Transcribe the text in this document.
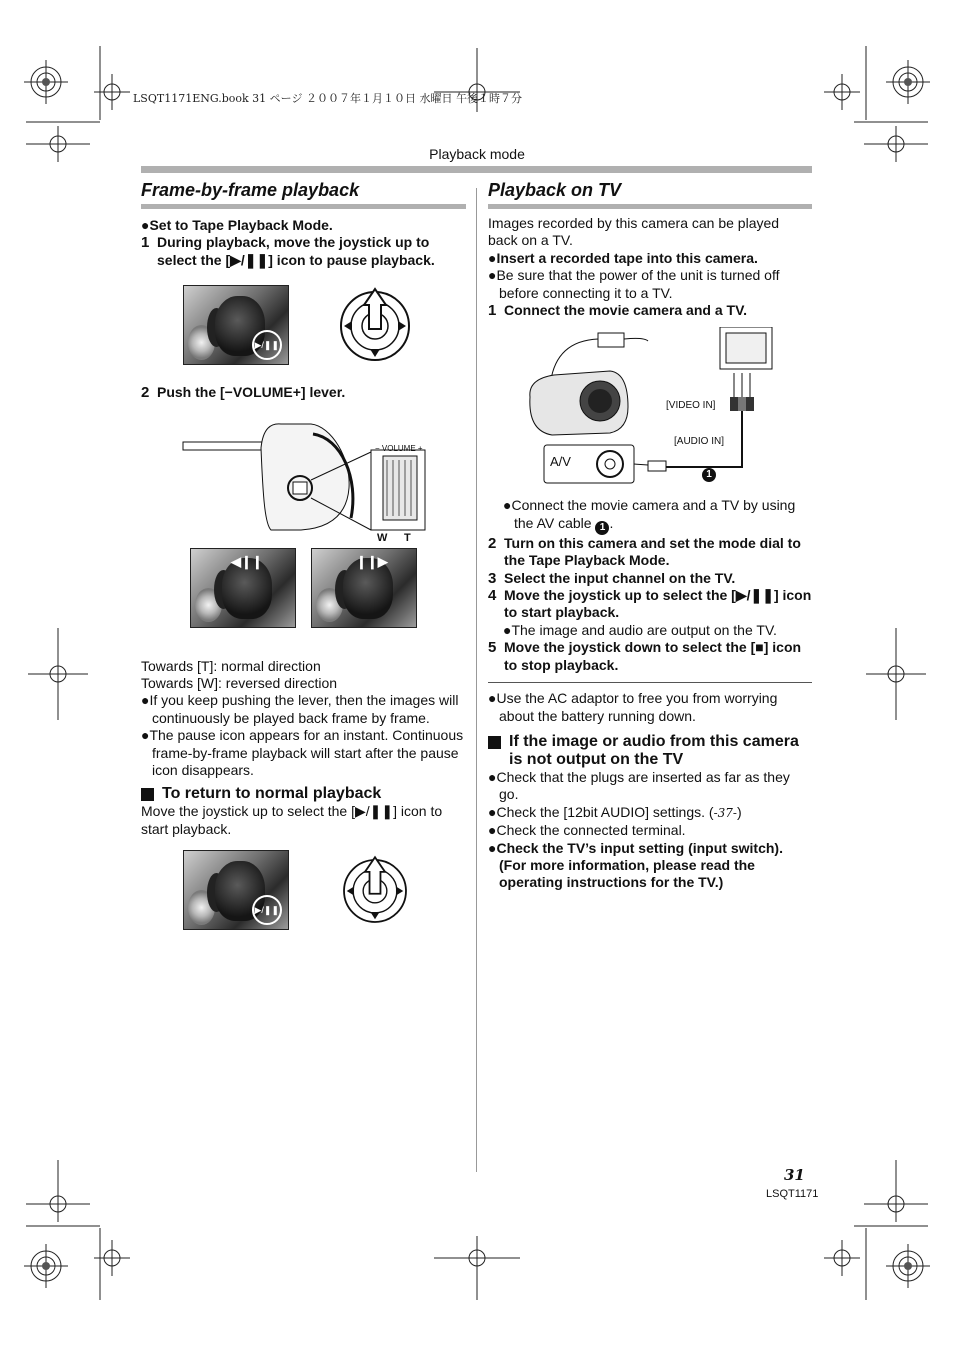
LSQT1171ENG.book 31 ページ ２００７年１月１０日 水曜日 午後１時７分
Playback mode
Frame-by-frame playback

●Set to Tape Playback Mode.

1 During playback, move the joystick up to select the [▶/❚❚] icon to pause playback.
▶/❚❚
2 Push the [−VOLUME+] lever.
− VOLUME +
W T
◀❙❙	❙❙▶

Towards [T]: normal direction

Towards [W]: reversed direction

●If you keep pushing the lever, then the images will continuously be played back frame by frame.

●The pause icon appears for an instant. Continuous frame-by-frame playback will start after the pause icon disappears.

To return to normal playback

Move the joystick up to select the [▶/❚❚] icon to start playback.

▶/❚❚
Playback on TV

Images recorded by this camera can be played back on a TV.

●Insert a recorded tape into this camera.

●Be sure that the power of the unit is turned off before connecting it to a TV.

1 Connect the movie camera and a TV.
[VIDEO IN]
[AUDIO IN]
A/V
1

●Connect the movie camera and a TV by using the AV cable 1 .

2 Turn on this camera and set the mode dial to the Tape Playback Mode.
3 Select the input channel on the TV.
4 Move the joystick up to select the [▶/❚❚] icon to start playback.

●The image and audio are output on the TV.

5 Move the joystick down to select the [■] icon to stop playback.

●Use the AC adaptor to free you from worrying about the battery running down.

If the image or audio from this camera is not output on the TV

●Check that the plugs are inserted as far as they go.

●Check the [12bit AUDIO] settings. (-37-)

●Check the connected terminal.

●Check the TV’s input setting (input switch). (For more information, please read the operating instructions for the TV.)

31
LSQT1171
